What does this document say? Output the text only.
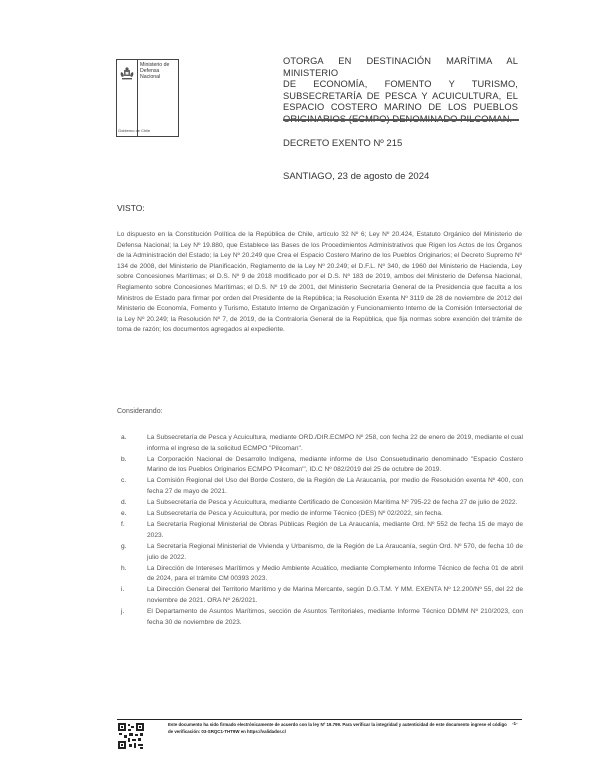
Gobierno de Chile
Ministerio de
Defensa
Nacional
OTORGA EN DESTINACIÓN MARÍTIMA AL MINISTERIO
DE ECONOMÍA, FOMENTO Y TURISMO,
SUBSECRETARÍA DE PESCA Y ACUICULTURA, EL
ESPACIO COSTERO MARINO DE LOS PUEBLOS
DECRETO EXENTO Nº 215
SANTIAGO, 23 de agosto de 2024
VISTO:
Lo dispuesto en la Constitución Política de la República de Chile, artículo 32 Nº 6; Ley Nº 20.424, Estatuto Orgánico del Ministerio de Defensa Nacional; la Ley Nº 19.880, que Establece las Bases de los Procedimientos Administrativos que Rigen los Actos de los Órganos de la Administración del Estado; la Ley Nº 20.249 que Crea el Espacio Costero Marino de los Pueblos Originarios; el Decreto Supremo Nº 134 de 2008, del Ministerio de Planificación, Reglamento de la Ley Nº 20.249; el D.F.L. Nº 340, de 1960 del Ministerio de Hacienda, Ley sobre Concesiones Marítimas; el D.S. Nº 9 de 2018 modificado por el D.S. Nº 183 de 2019, ambos del Ministerio de Defensa Nacional, Reglamento sobre Concesiones Marítimas; el D.S. Nº 19 de 2001, del Ministerio Secretaría General de la Presidencia que faculta a los Ministros de Estado para firmar por orden del Presidente de la República; la Resolución Exenta Nº 3119 de 28 de noviembre de 2012 del Ministerio de Economía, Fomento y Turismo, Estatuto Interno de Organización y Funcionamiento Interno de la Comisión Intersectorial de la Ley Nº 20.249; la Resolución Nº 7, de 2019, de la Contraloría General de la República, que fija normas sobre exención del trámite de toma de razón; los documentos agregados al expediente.
Considerando:
a.	La Subsecretaría de Pesca y Acuicultura, mediante ORD./DIR.ECMPO Nº 258, con fecha 22 de enero de 2019, mediante el cual informa el ingreso de la solicitud ECMPO "Pilcoman".
b.	La Corporación Nacional de Desarrollo Indígena, mediante informe de Uso Consuetudinario denominado "Espacio Costero Marino de los Pueblos Originarios ECMPO 'Pilcoman'", ID.C Nº 082/2019 del 25 de octubre de 2019.
c.	La Comisión Regional del Uso del Borde Costero, de la Región de La Araucanía, por medio de Resolución exenta Nº 400, con fecha 27 de mayo de 2021.
d.	La Subsecretaría de Pesca y Acuicultura, mediante Certificado de Concesión Marítima Nº 795-22 de fecha 27 de julio de 2022.
e.	La Subsecretaría de Pesca y Acuicultura, por medio de informe Técnico (DES) Nº 02/2022, sin fecha.
f.	La Secretaría Regional Ministerial de Obras Públicas Región de La Araucanía, mediante Ord. Nº 552 de fecha 15 de mayo de 2023.
g.	La Secretaría Regional Ministerial de Vivienda y Urbanismo, de la Región de La Araucanía, según Ord. Nº 570, de fecha 10 de julio de 2022.
h.	La Dirección de Intereses Marítimos y Medio Ambiente Acuático, mediante Complemento Informe Técnico de fecha 01 de abril de 2024, para el trámite CM 00393 2023.
i.	La Dirección General del Territorio Marítimo y de Marina Mercante, según D.G.T.M. Y MM. EXENTA Nº 12.200/Nº 55, del 22 de noviembre de 2021. ORA Nº 26/2021.
j.	El Departamento de Asuntos Marítimos, sección de Asuntos Territoriales, mediante Informe Técnico DDMM Nº 210/2023, con fecha 30 de noviembre de 2023.
Este documento ha sido firmado electrónicamente de acuerdo con la ley Nº 19.799. Para verificar la integridad y autenticidad de este documento ingrese el código de verificación: 03-SRQC1-THT9W en https://validador.cl
-1-
